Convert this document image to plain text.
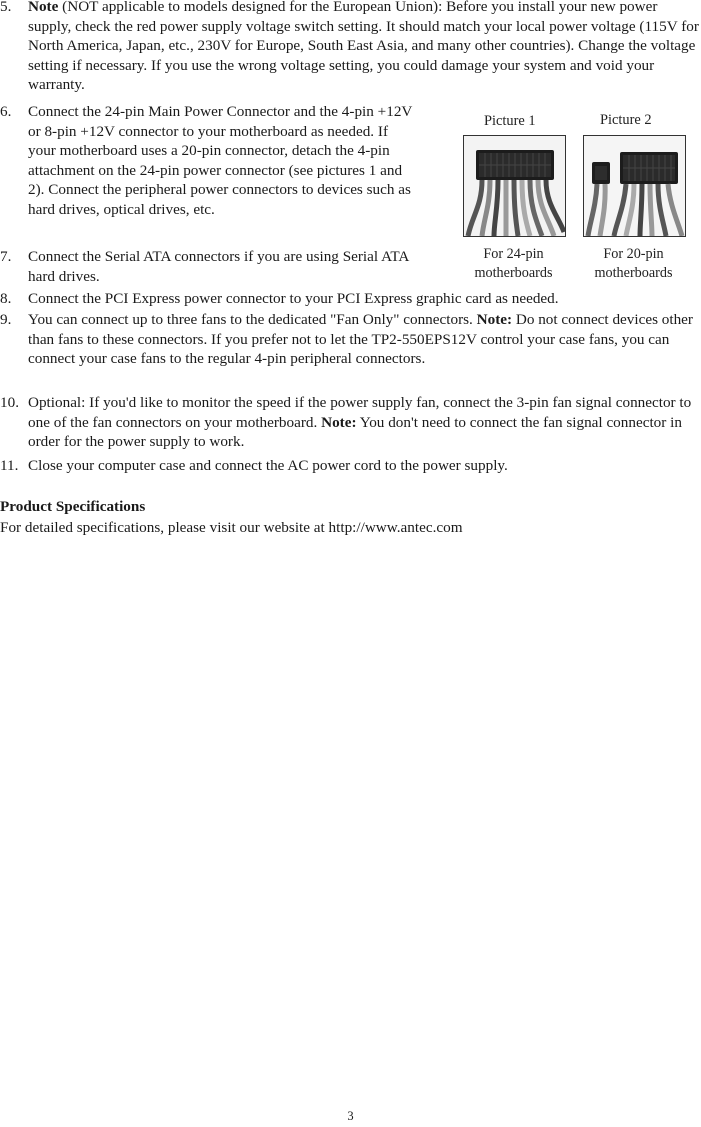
5.	Note (NOT applicable to models designed for the European Union): Before you install your new power supply, check the red power supply voltage switch setting. It should match your local power voltage (115V for North America, Japan, etc., 230V for Europe, South East Asia, and many other countries). Change the voltage setting if necessary. If you use the wrong voltage setting, you could damage your system and void your warranty.
6.	Connect the 24-pin Main Power Connector and the 4-pin +12V or 8-pin +12V connector to your motherboard as needed. If your motherboard uses a 20-pin connector, detach the 4-pin attachment on the 24-pin power connector (see pictures 1 and 2). Connect the peripheral power connectors to devices such as hard drives, optical drives, etc.
7.	Connect the Serial ATA connectors if you are using Serial ATA hard drives.
Picture 1
For 24-pin
motherboards
Picture 2
For 20-pin
motherboards
8.	Connect the PCI Express power connector to your PCI Express graphic card as needed.
9.	You can connect up to three fans to the dedicated "Fan Only" connectors. Note: Do not connect devices other than fans to these connectors. If you prefer not to let the TP2-550EPS12V control your case fans, you can connect your case fans to the regular 4-pin peripheral connectors.
10. Optional: If you'd like to monitor the speed if the power supply fan, connect the 3-pin fan signal connector to one of the fan connectors on your motherboard. Note: You don't need to connect the fan signal connector in order for the power supply to work.
11. Close your computer case and connect the AC power cord to the power supply.
Product Specifications
For detailed specifications, please visit our website at http://www.antec.com
3
